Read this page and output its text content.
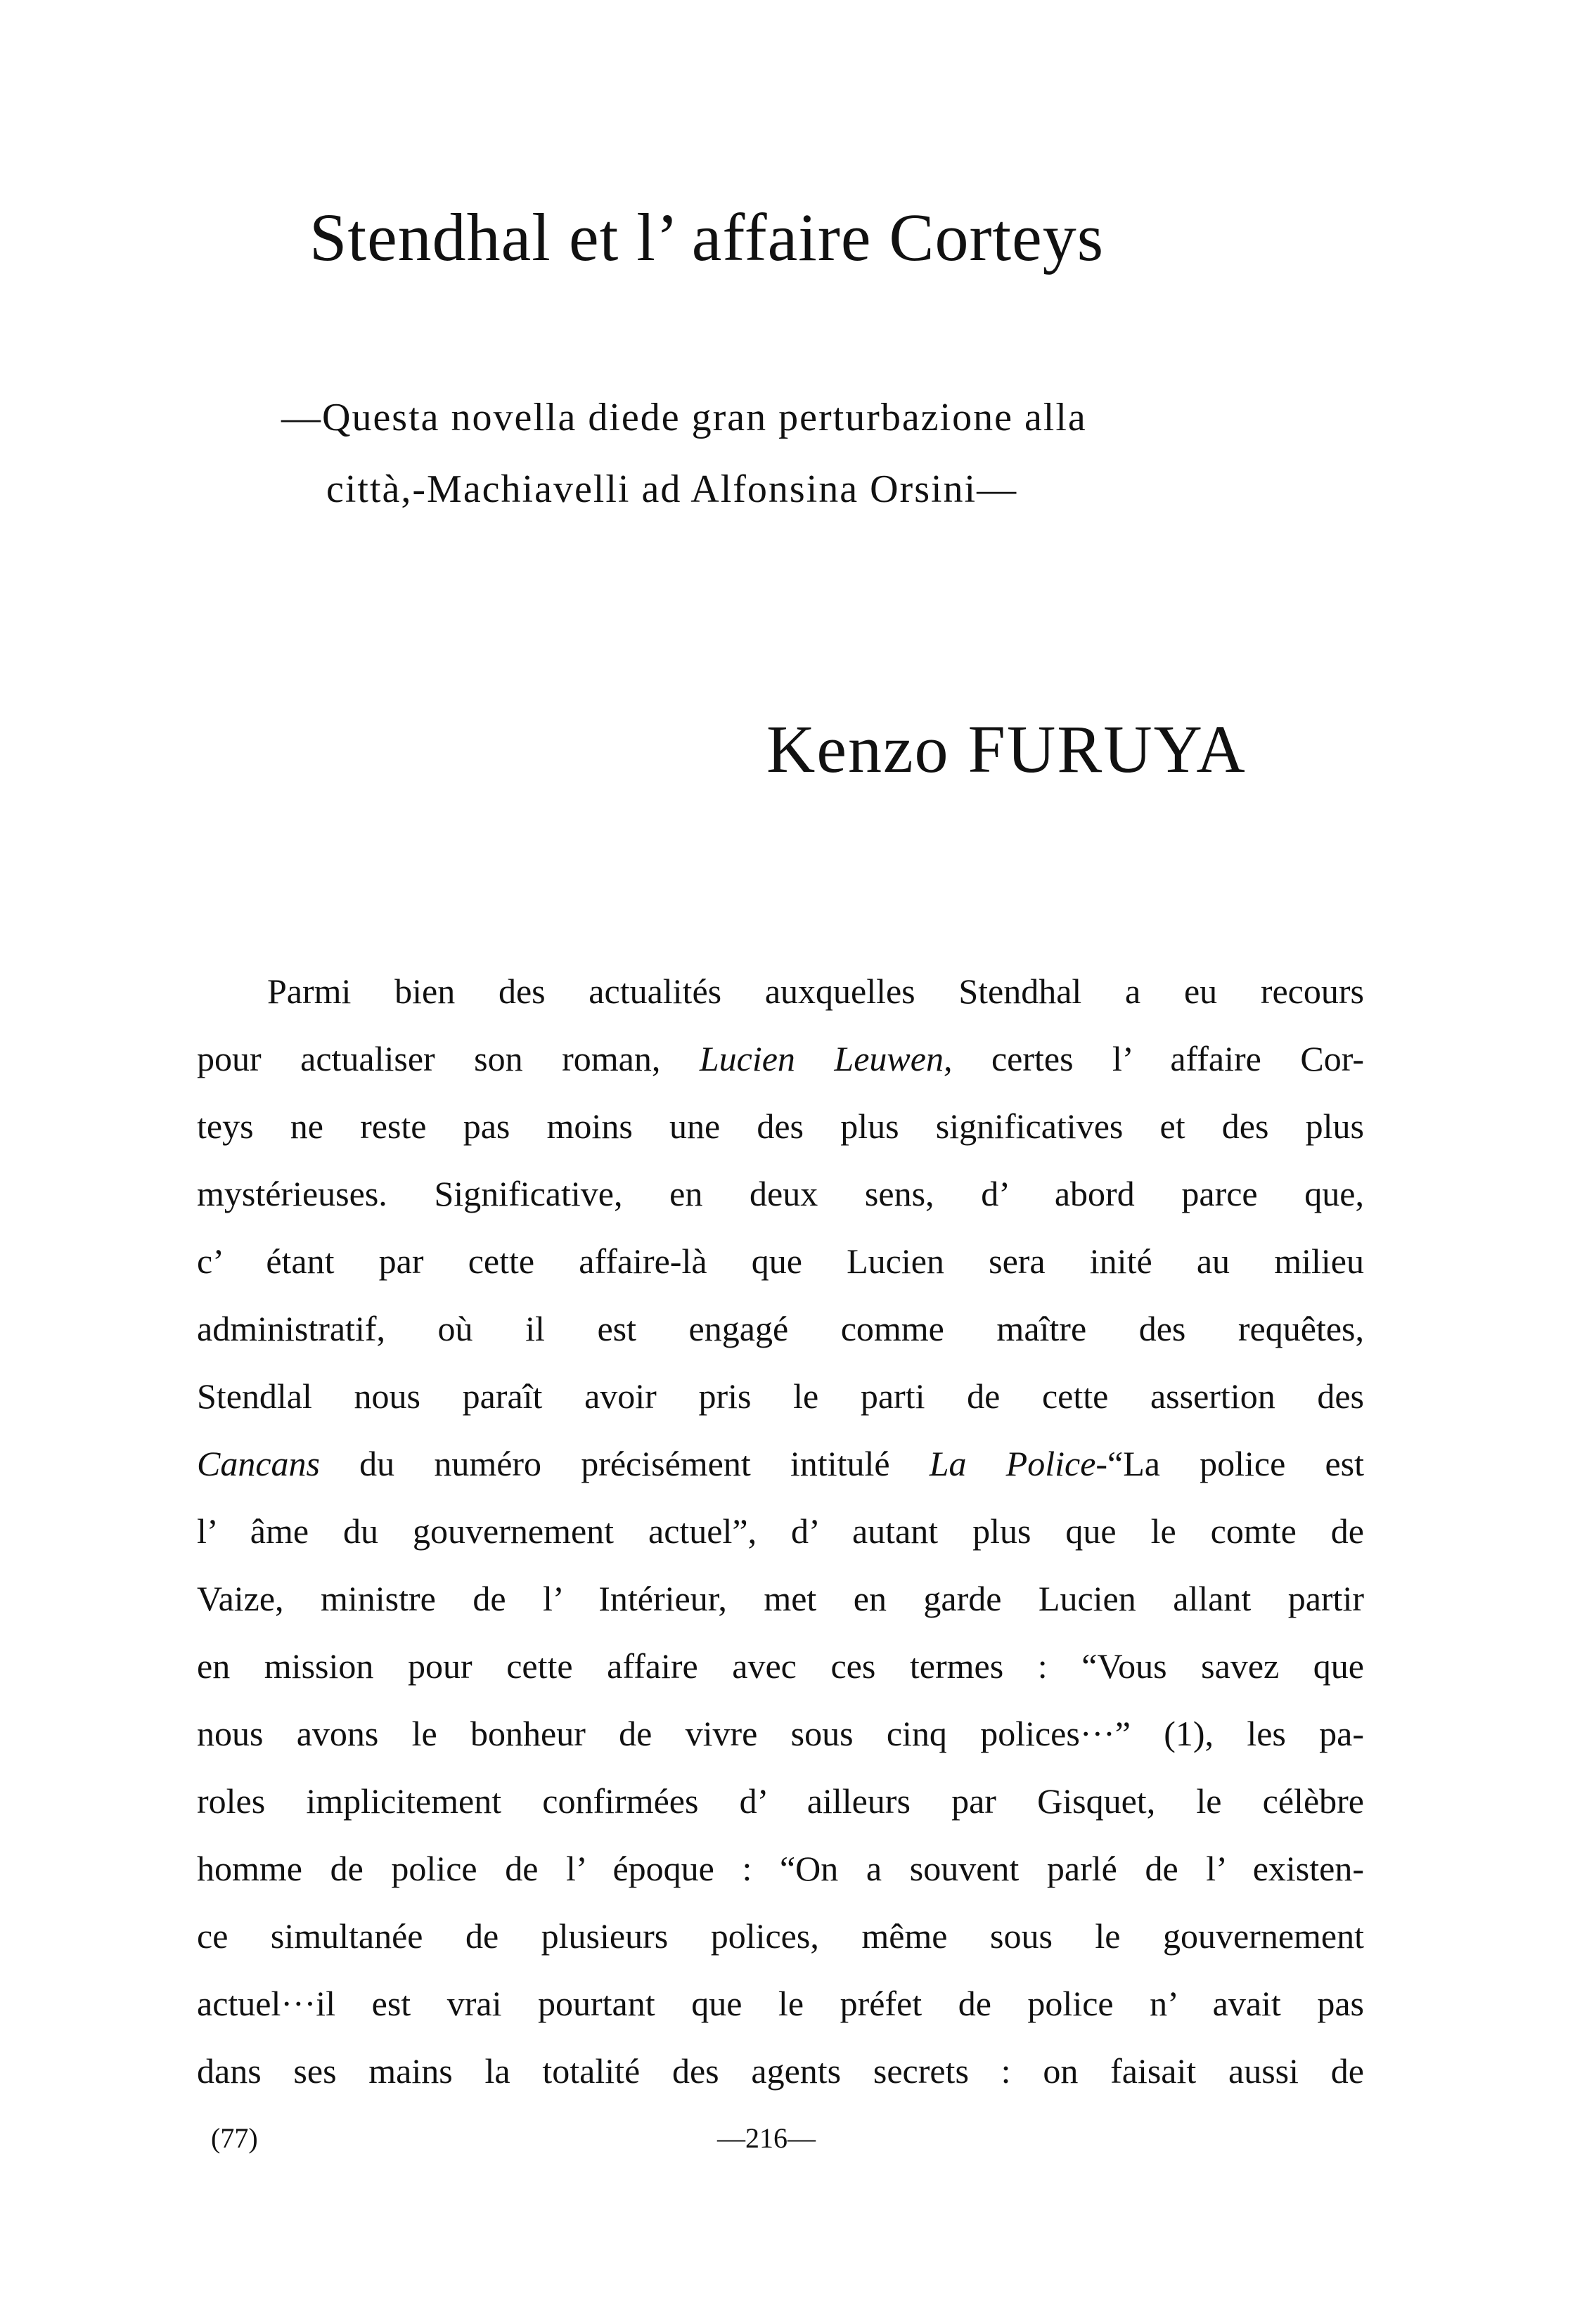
Stendhal et l’ affaire Corteys

—Questa novella diede gran perturbazione alla

città,-Machiavelli ad Alfonsina Orsini—

Kenzo FURUYA

Parmi bien des actualités auxquelles Stendhal a eu recours

pour actualiser son roman, Lucien Leuwen, certes l’ affaire Cor-

teys ne reste pas moins une des plus significatives et des plus

mystérieuses. Significative, en deux sens, d’ abord parce que,

c’ étant par cette affaire-là que Lucien sera inité au milieu

administratif, où il est engagé comme maître des requêtes,

Stendlal nous paraît avoir pris le parti de cette assertion des

Cancans du numéro précisément intitulé La Police-“La police est

l’ âme du gouvernement actuel”, d’ autant plus que le comte de

Vaize, ministre de l’ Intérieur, met en garde Lucien allant partir

en mission pour cette affaire avec ces termes : “Vous savez que

nous avons le bonheur de vivre sous cinq polices···” (1), les pa-

roles implicitement confirmées d’ ailleurs par Gisquet, le célèbre

homme de police de l’ époque : “On a souvent parlé de l’ existen-

ce simultanée de plusieurs polices, même sous le gouvernement

actuel···il est vrai pourtant que le préfet de police n’ avait pas

dans ses mains la totalité des agents secrets : on faisait aussi de

(77)	—216—
